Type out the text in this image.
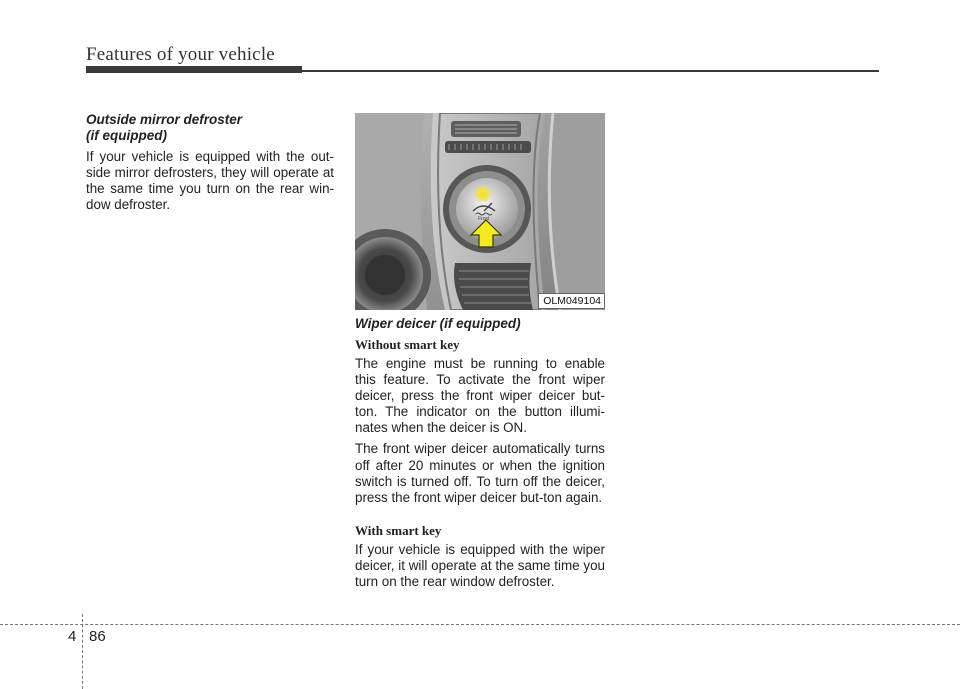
Features of your vehicle
Outside mirror defroster
(if equipped)

If your vehicle is equipped with the out-side mirror defrosters, they will operate at the same time you turn on the rear win-dow defroster.

Frost
OLM049104
Wiper deicer (if equipped)
Without smart key

The engine must be running to enable this feature. To activate the front wiper deicer, press the front wiper deicer but-ton. The indicator on the button illumi-nates when the deicer is ON.

The front wiper deicer automatically turns off after 20 minutes or when the ignition switch is turned off. To turn off the deicer, press the front wiper deicer but-ton again.

With smart key

If your vehicle is equipped with the wiper deicer, it will operate at the same time you turn on the rear window defroster.

4 86
